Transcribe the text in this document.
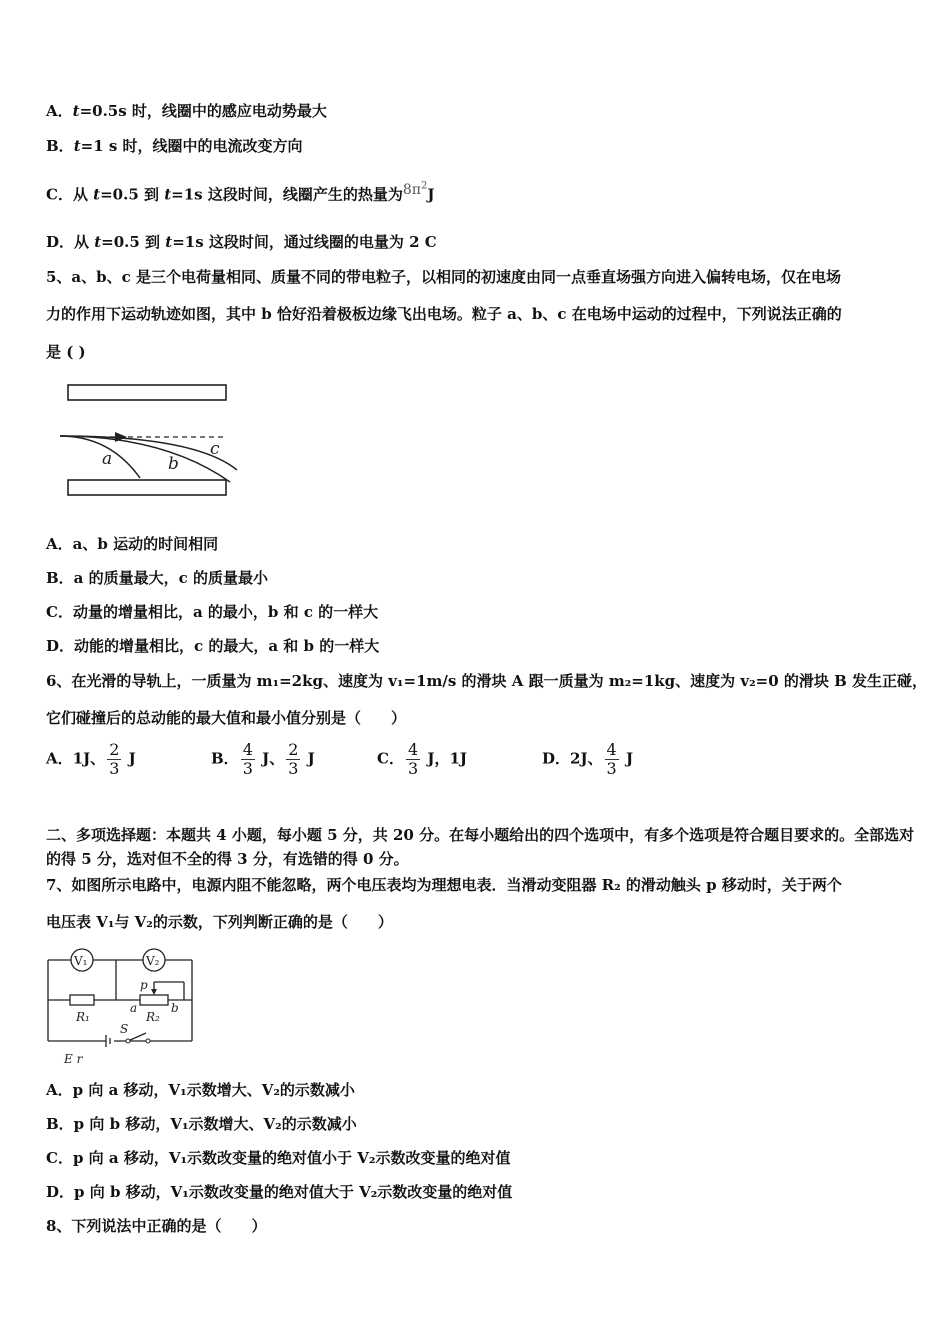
A．t=0.5s 时，线圈中的感应电动势最大
B．t=1 s 时，线圈中的电流改变方向
C．从 t=0.5 到 t=1s 这段时间，线圈产生的热量为$8\pi^2J$
D．从 t=0.5 到 t=1s 这段时间，通过线圈的电量为 2 C
5、a、b、c 是三个电荷量相同、质量不同的带电粒子，以相同的初速度由同一点垂直场强方向进入偏转电场，仅在电场
力的作用下运动轨迹如图，其中 b 恰好沿着极板边缘飞出电场。粒子 a、b、c 在电场中运动的过程中，下列说法正确的
是 ( )
a	b
c
A．a、b 运动的时间相同
B．a 的质量最大，c 的质量最小
C．动量的增量相比，a 的最小，b 和 c 的一样大
D．动能的增量相比，c 的最大，a 和 b 的一样大
6、在光滑的导轨上，一质量为 m₁=2kg、速度为 v₁=1m/s 的滑块 A 跟一质量为 m₂=1kg、速度为 v₂=0 的滑块 B 发生正碰，
它们碰撞后的总动能的最大值和最小值分别是（　　）
A．1J、 $\frac{2}{3}$ J	B． $\frac{4}{3}$ J、 $\frac{2}{3}$ J	C． $\frac{4}{3}$ J，1J	D．2J、 $\frac{4}{3}$ J
二、多项选择题：本题共 4 小题，每小题 5 分，共 20 分。在每小题给出的四个选项中，有多个选项是符合题目要求的。全部选对的得 5 分，选对但不全的得 3 分，有选错的得 0 分。
7、如图所示电路中，电源内阻不能忽略，两个电压表均为理想电表．当滑动变阻器 R₂ 的滑动触头 p 移动时，关于两个
电压表 V₁与 V₂的示数，下列判断正确的是（　　）
V₁	V₂
R₁	R₂
p
a	b
S
E r
A．p 向 a 移动，V₁示数增大、V₂的示数减小
B．p 向 b 移动，V₁示数增大、V₂的示数减小
C．p 向 a 移动，V₁示数改变量的绝对值小于 V₂示数改变量的绝对值
D．p 向 b 移动，V₁示数改变量的绝对值大于 V₂示数改变量的绝对值
8、下列说法中正确的是（　　）
